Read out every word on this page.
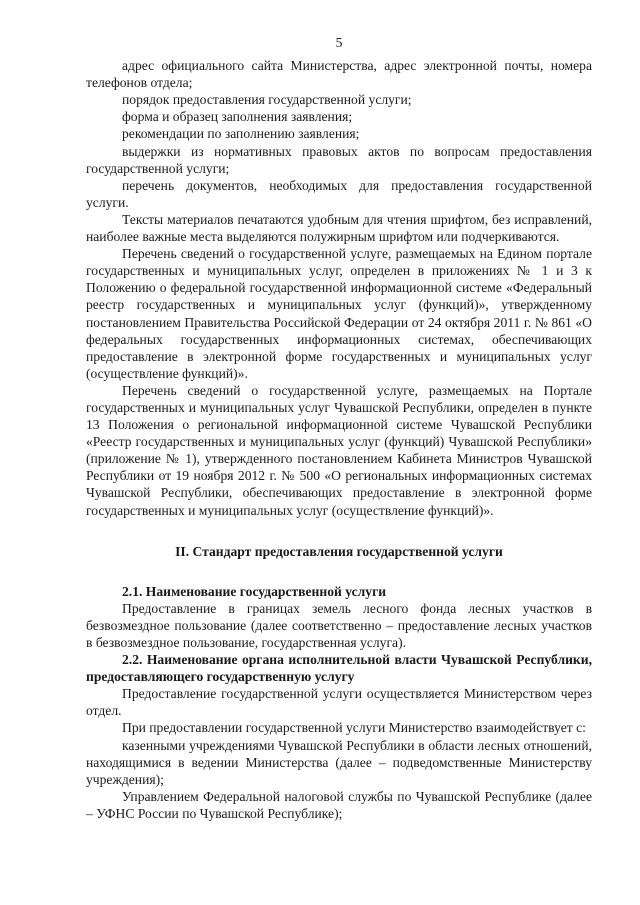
5

адрес официального сайта Министерства, адрес электронной почты, номера телефонов отдела;

порядок предоставления государственной услуги;

форма и образец заполнения заявления;

рекомендации по заполнению заявления;

выдержки из нормативных правовых актов по вопросам предоставления государственной услуги;

перечень документов, необходимых для предоставления государственной услуги.

Тексты материалов печатаются удобным для чтения шрифтом, без исправлений, наиболее важные места выделяются полужирным шрифтом или подчеркиваются.

Перечень сведений о государственной услуге, размещаемых на Едином портале государственных и муниципальных услуг, определен в приложениях № 1 и 3 к Положению о федеральной государственной информационной системе «Федеральный реестр государственных и муниципальных услуг (функций)», утвержденному постановлением Правительства Российской Федерации от 24 октября 2011 г. № 861 «О федеральных государственных информационных системах, обеспечивающих предоставление в электронной форме государственных и муниципальных услуг (осуществление функций)».

Перечень сведений о государственной услуге, размещаемых на Портале государственных и муниципальных услуг Чувашской Республики, определен в пункте 13 Положения о региональной информационной системе Чувашской Республики «Реестр государственных и муниципальных услуг (функций) Чувашской Республики» (приложение № 1), утвержденного постановлением Кабинета Министров Чувашской Республики от 19 ноября 2012 г. № 500 «О региональных информационных системах Чувашской Республики, обеспечивающих предоставление в электронной форме государственных и муниципальных услуг (осуществление функций)».

II. Стандарт предоставления государственной услуги

2.1. Наименование государственной услуги

Предоставление в границах земель лесного фонда лесных участков в безвозмездное пользование (далее соответственно – предоставление лесных участков в безвозмездное пользование, государственная услуга).

2.2. Наименование органа исполнительной власти Чувашской Республики, предоставляющего государственную услугу

Предоставление государственной услуги осуществляется Министерством через отдел.

При предоставлении государственной услуги Министерство взаимодействует с:

казенными учреждениями Чувашской Республики в области лесных отношений, находящимися в ведении Министерства (далее – подведомственные Министерству учреждения);

Управлением Федеральной налоговой службы по Чувашской Республике (далее – УФНС России по Чувашской Республике);
